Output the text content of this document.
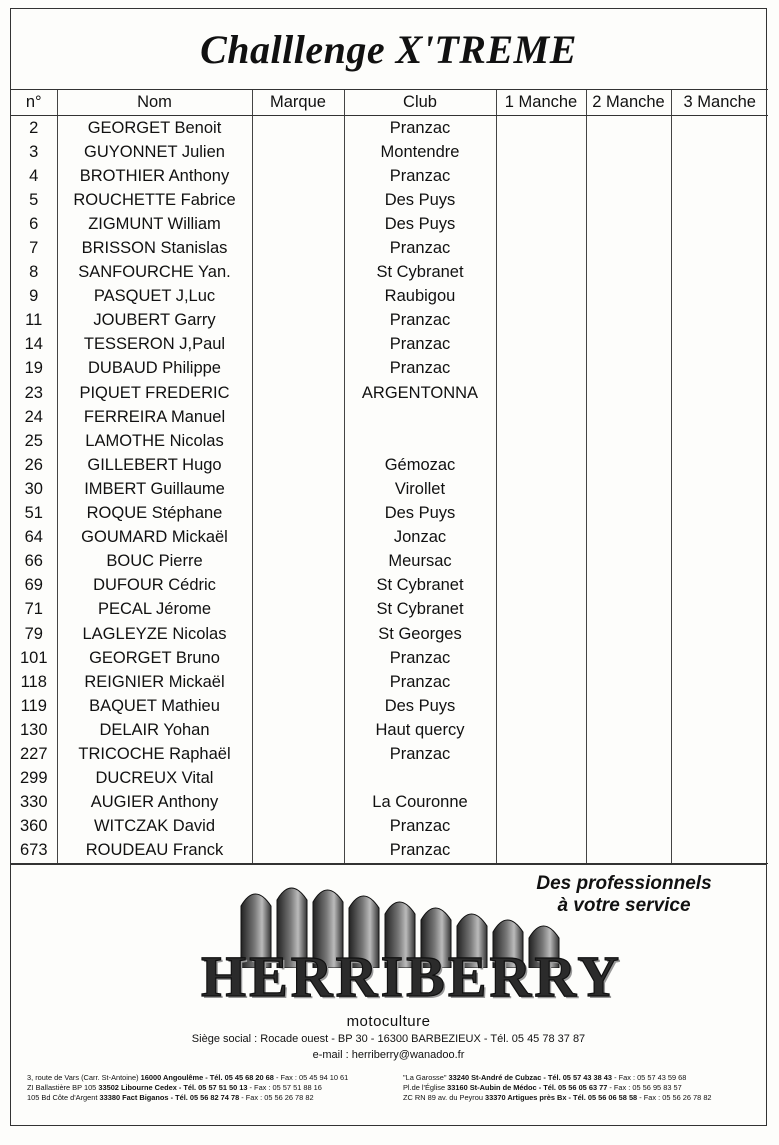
Challlenge X'TREME
n°	Nom	Marque	Club	1 Manche	2 Manche	3 Manche
2	GEORGET Benoit		Pranzac			
3	GUYONNET Julien		Montendre			
4	BROTHIER Anthony		Pranzac			
5	ROUCHETTE Fabrice		Des Puys			
6	ZIGMUNT William		Des Puys			
7	BRISSON Stanislas		Pranzac			
8	SANFOURCHE Yan.		St Cybranet			
9	PASQUET J,Luc		Raubigou			
11	JOUBERT Garry		Pranzac			
14	TESSERON J,Paul		Pranzac			
19	DUBAUD Philippe		Pranzac			
23	PIQUET FREDERIC		ARGENTONNA			
24	FERREIRA Manuel					
25	LAMOTHE Nicolas					
26	GILLEBERT Hugo		Gémozac			
30	IMBERT Guillaume		Virollet			
51	ROQUE Stéphane		Des Puys			
64	GOUMARD Mickaël		Jonzac			
66	BOUC Pierre		Meursac			
69	DUFOUR Cédric		St Cybranet			
71	PECAL Jérome		St Cybranet			
79	LAGLEYZE Nicolas		St Georges			
101	GEORGET Bruno		Pranzac			
118	REIGNIER Mickaël		Pranzac			
119	BAQUET Mathieu		Des Puys			
130	DELAIR Yohan		Haut quercy			
227	TRICOCHE Raphaël		Pranzac			
299	DUCREUX Vital					
330	AUGIER Anthony		La Couronne			
360	WITCZAK David		Pranzac			
673	ROUDEAU Franck		Pranzac			
Des professionnels
à votre service
HERRIBERRY
motoculture
Siège social : Rocade ouest - BP 30 - 16300 BARBEZIEUX - Tél. 05 45 78 37 87
e-mail : herriberry@wanadoo.fr
3, route de Vars (Carr. St-Antoine) 16000 Angoulême - Tél. 05 45 68 20 68 - Fax : 05 45 94 10 61
ZI Ballastière BP 105 33502 Libourne Cedex - Tél. 05 57 51 50 13 - Fax : 05 57 51 88 16
105 Bd Côte d'Argent 33380 Fact Biganos - Tél. 05 56 82 74 78 - Fax : 05 56 26 78 82
"La Garosse" 33240 St-André de Cubzac - Tél. 05 57 43 38 43 - Fax : 05 57 43 59 68
Pl.de l'Église 33160 St-Aubin de Médoc - Tél. 05 56 05 63 77 - Fax : 05 56 95 83 57
ZC RN 89 av. du Peyrou 33370 Artigues près Bx - Tél. 05 56 06 58 58 - Fax : 05 56 26 78 82
